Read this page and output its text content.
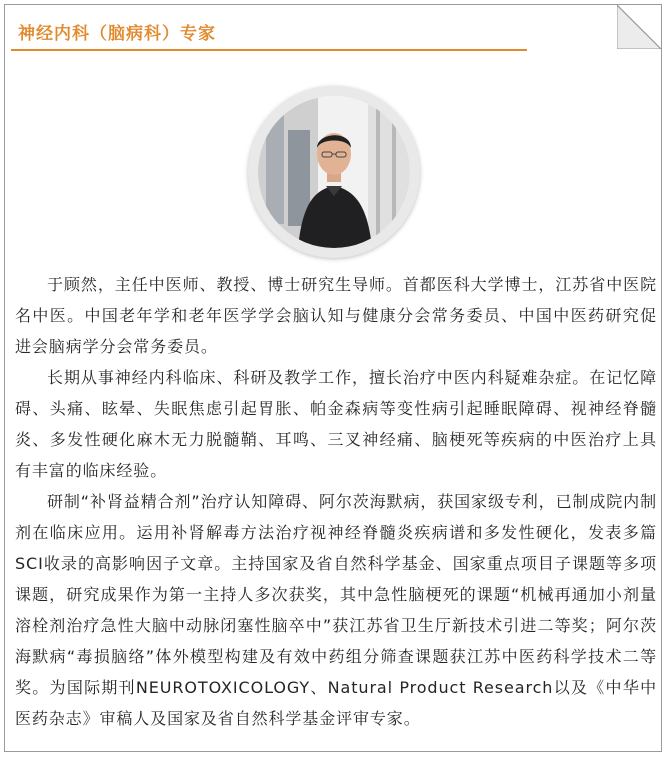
神经内科（脑病科）专家

于顾然，主任中医师、教授、博士研究生导师。首都医科大学博士，江苏省中医院名中医。中国老年学和老年医学学会脑认知与健康分会常务委员、中国中医药研究促进会脑病学分会常务委员。

长期从事神经内科临床、科研及教学工作，擅长治疗中医内科疑难杂症。在记忆障碍、头痛、眩晕、失眠焦虑引起胃胀、帕金森病等变性病引起睡眠障碍、视神经脊髓炎、多发性硬化麻木无力脱髓鞘、耳鸣、三叉神经痛、脑梗死等疾病的中医治疗上具有丰富的临床经验。

研制“补肾益精合剂”治疗认知障碍、阿尔茨海默病，获国家级专利，已制成院内制剂在临床应用。运用补肾解毒方法治疗视神经脊髓炎疾病谱和多发性硬化，发表多篇SCI收录的高影响因子文章。主持国家及省自然科学基金、国家重点项目子课题等多项课题，研究成果作为第一主持人多次获奖，其中急性脑梗死的课题“机械再通加小剂量溶栓剂治疗急性大脑中动脉闭塞性脑卒中”获江苏省卫生厅新技术引进二等奖；阿尔茨海默病“毒损脑络”体外模型构建及有效中药组分筛查课题获江苏中医药科学技术二等奖。为国际期刊NEUROTOXICOLOGY、Natural Product Research以及《中华中医药杂志》审稿人及国家及省自然科学基金评审专家。
